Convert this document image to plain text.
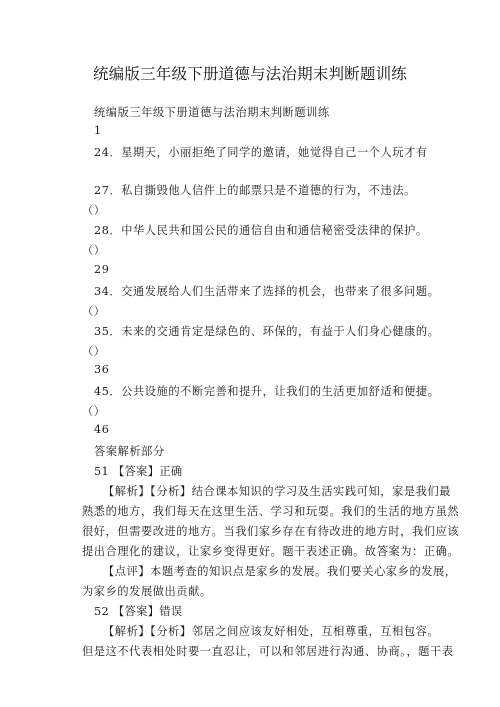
统编版三年级下册道德与法治期末判断题训练
统编版三年级下册道德与法治期末判断题训练
1
24．星期天，小丽拒绝了同学的邀请，她觉得自己一个人玩才有
27．私自撕毁他人信件上的邮票只是不道德的行为，不违法。
（）
28．中华人民共和国公民的通信自由和通信秘密受法律的保护。
（）
29
34．交通发展给人们生活带来了选择的机会，也带来了很多问题。
（）
35．未来的交通肯定是绿色的、环保的，有益于人们身心健康的。
（）
36
45．公共设施的不断完善和提升，让我们的生活更加舒适和便捷。
（）
46
答案解析部分
51 【答案】正确
【解析】【分析】结合课本知识的学习及生活实践可知，家是我们最
熟悉的地方，我们每天在这里生活、学习和玩耍。我们的生活的地方虽然
很好，但需要改进的地方。当我们家乡存在有待改进的地方时，我们应该
提出合理化的建议，让家乡变得更好。题干表述正确。故答案为：正确。
【点评】本题考查的知识点是家乡的发展。我们要关心家乡的发展，
为家乡的发展做出贡献。
52 【答案】错误
【解析】【分析】邻居之间应该友好相处，互相尊重，互相包容。
但是这不代表相处时要一直忍让，可以和邻居进行沟通、协商。，题干表
